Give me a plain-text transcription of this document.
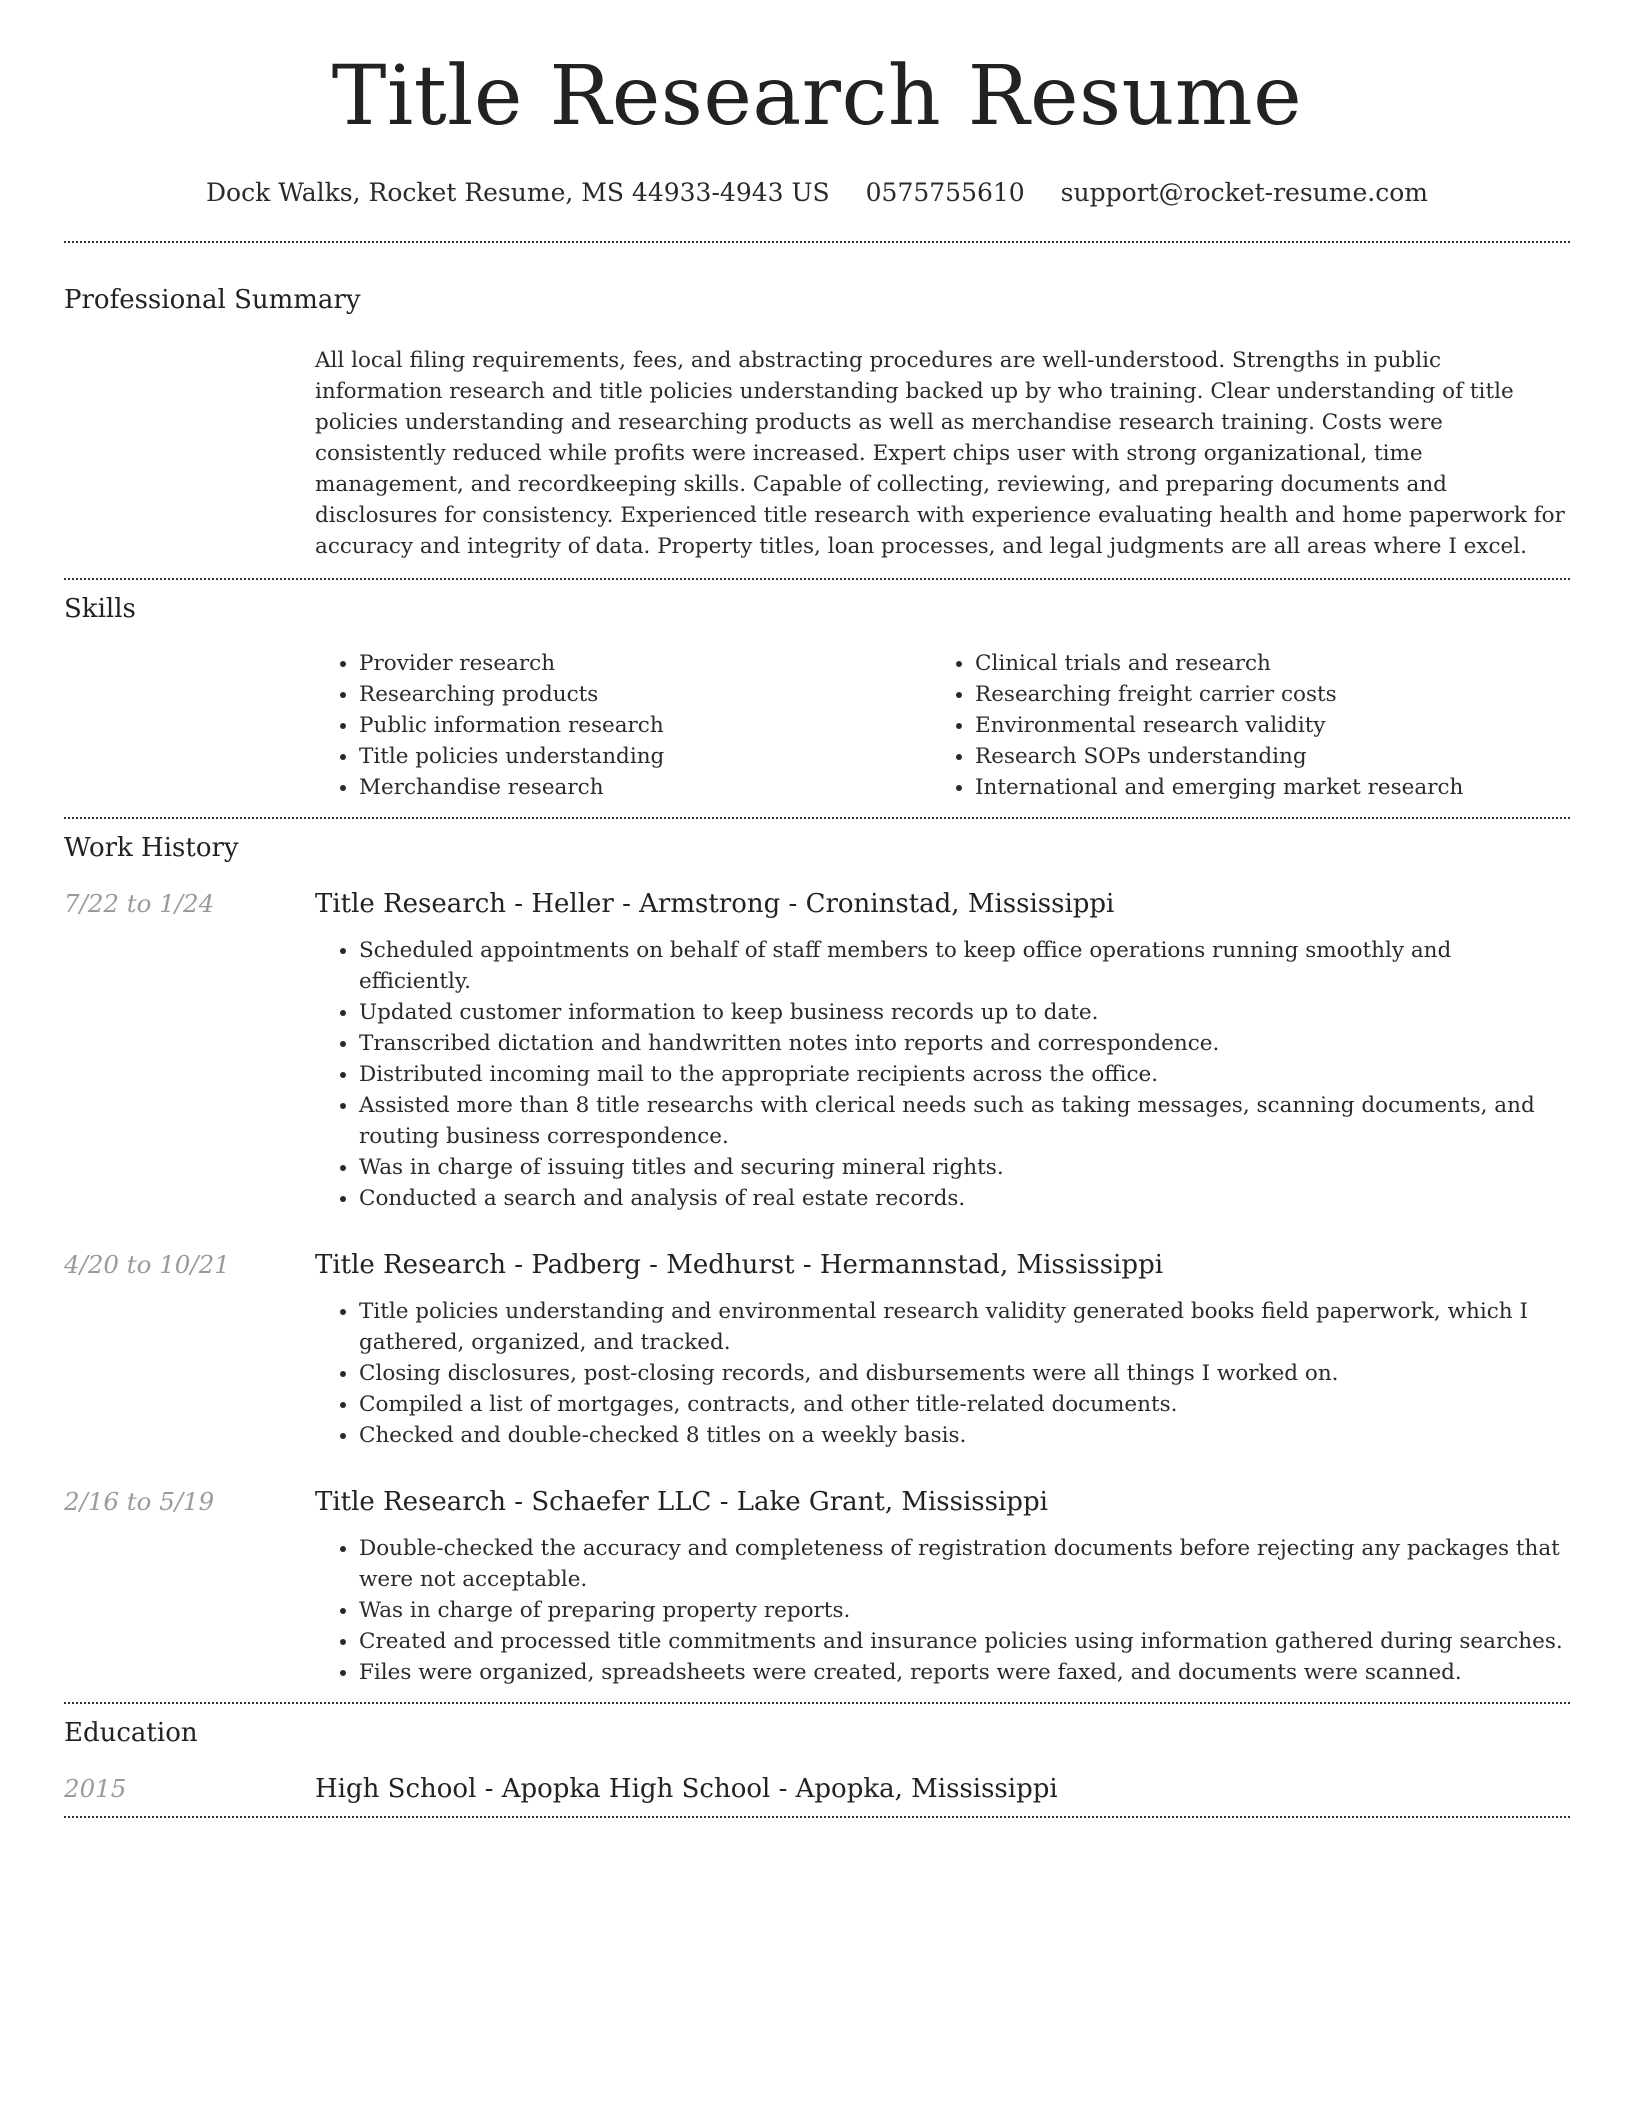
Title Research Resume
Dock Walks, Rocket Resume, MS 44933-4943 US 0575755610 support@rocket-resume.com
Professional Summary

All local filing requirements, fees, and abstracting procedures are well-understood. Strengths in public information research and title policies understanding backed up by who training. Clear understanding of title policies understanding and researching products as well as merchandise research training. Costs were consistently reduced while profits were increased. Expert chips user with strong organizational, time management, and recordkeeping skills. Capable of collecting, reviewing, and preparing documents and disclosures for consistency. Experienced title research with experience evaluating health and home paperwork for accuracy and integrity of data. Property titles, loan processes, and legal judgments are all areas where I excel.

Skills
• Provider research
• Researching products
• Public information research
• Title policies understanding
• Merchandise research
• Clinical trials and research
• Researching freight carrier costs
• Environmental research validity
• Research SOPs understanding
• International and emerging market research
Work History
7/22 to 1/24	Title Research - Heller - Armstrong - Croninstad, Mississippi
• Scheduled appointments on behalf of staff members to keep office operations running smoothly and efficiently.
• Updated customer information to keep business records up to date.
• Transcribed dictation and handwritten notes into reports and correspondence.
• Distributed incoming mail to the appropriate recipients across the office.
• Assisted more than 8 title researchs with clerical needs such as taking messages, scanning documents, and routing business correspondence.
• Was in charge of issuing titles and securing mineral rights.
• Conducted a search and analysis of real estate records.
4/20 to 10/21	Title Research - Padberg - Medhurst - Hermannstad, Mississippi
• Title policies understanding and environmental research validity generated books field paperwork, which I gathered, organized, and tracked.
• Closing disclosures, post-closing records, and disbursements were all things I worked on.
• Compiled a list of mortgages, contracts, and other title-related documents.
• Checked and double-checked 8 titles on a weekly basis.
2/16 to 5/19	Title Research - Schaefer LLC - Lake Grant, Mississippi
• Double-checked the accuracy and completeness of registration documents before rejecting any packages that were not acceptable.
• Was in charge of preparing property reports.
• Created and processed title commitments and insurance policies using information gathered during searches.
• Files were organized, spreadsheets were created, reports were faxed, and documents were scanned.
Education
2015	High School - Apopka High School - Apopka, Mississippi
